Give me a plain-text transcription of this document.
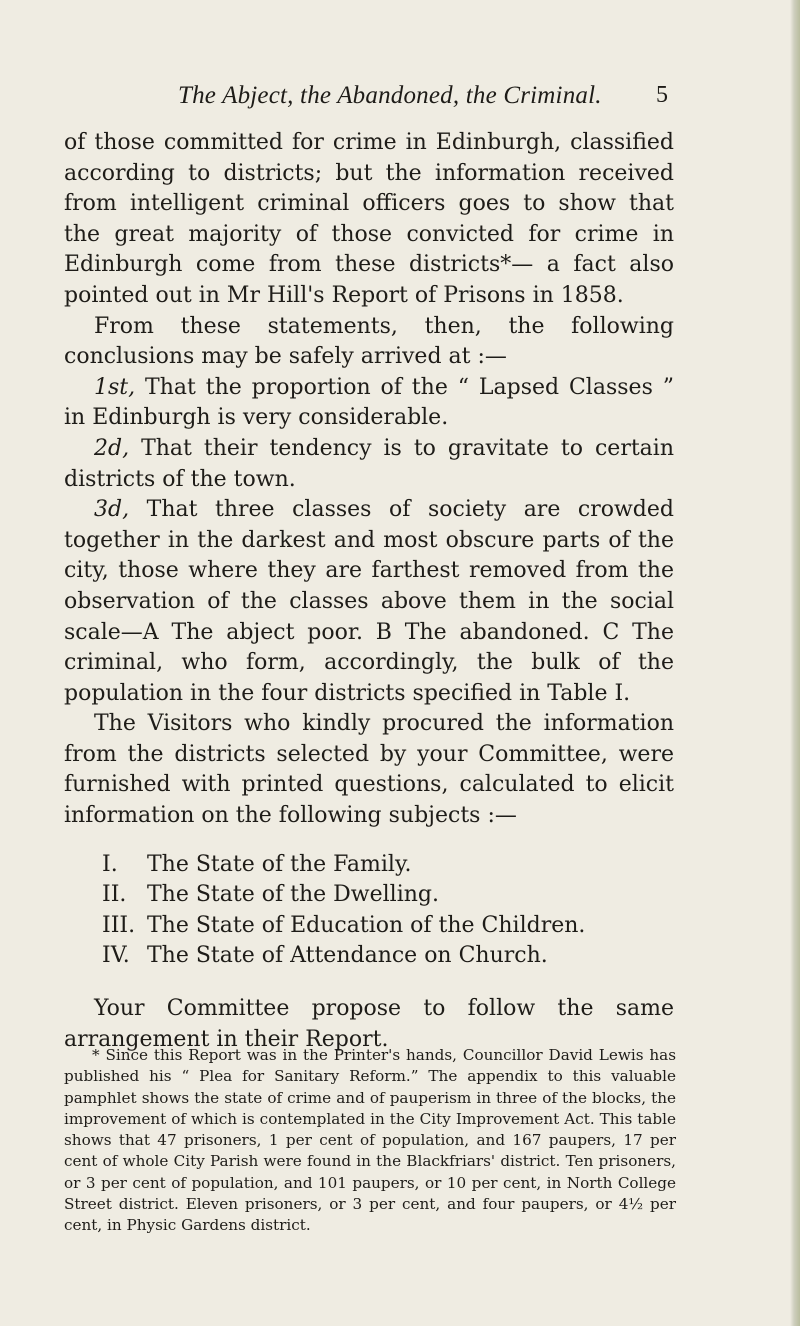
The Abject, the Abandoned, the Criminal. 5

of those committed for crime in Edinburgh, classified according to districts; but the information received from intelligent criminal officers goes to show that the great majority of those convicted for crime in Edinburgh come from these districts*— a fact also pointed out in Mr Hill's Report of Prisons in 1858.

From these statements, then, the following conclusions may be safely arrived at :—

1st, That the proportion of the “ Lapsed Classes ” in Edinburgh is very considerable.

2d, That their tendency is to gravitate to certain districts of the town.

3d, That three classes of society are crowded together in the darkest and most obscure parts of the city, those where they are farthest removed from the observation of the classes above them in the social scale—A The abject poor. B The abandoned. C The criminal, who form, accordingly, the bulk of the population in the four districts specified in Table I.

The Visitors who kindly procured the information from the districts selected by your Committee, were furnished with printed questions, calculated to elicit information on the following subjects :—

I. The State of the Family.
II. The State of the Dwelling.
III. The State of Education of the Children.
IV. The State of Attendance on Church.

Your Committee propose to follow the same arrangement in their Report.

* Since this Report was in the Printer's hands, Councillor David Lewis has published his “ Plea for Sanitary Reform.” The appendix to this valuable pamphlet shows the state of crime and of pauperism in three of the blocks, the improvement of which is contemplated in the City Improvement Act. This table shows that 47 prisoners, 1 per cent of population, and 167 paupers, 17 per cent of whole City Parish were found in the Blackfriars' district. Ten prisoners, or 3 per cent of population, and 101 paupers, or 10 per cent, in North College Street district. Eleven prisoners, or 3 per cent, and four paupers, or 4½ per cent, in Physic Gardens district.
